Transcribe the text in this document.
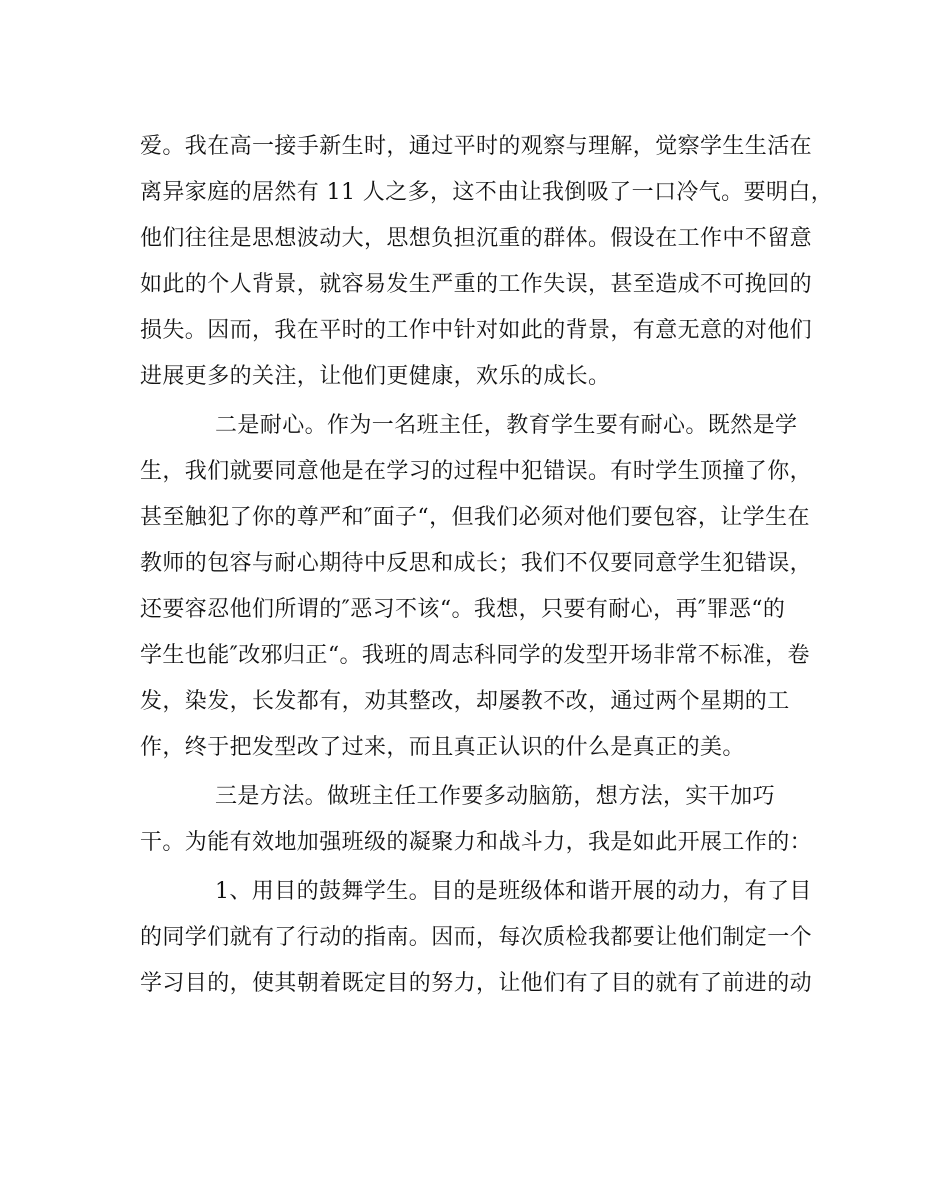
爱。我在高一接手新生时，通过平时的观察与理解，觉察学生生活在
离异家庭的居然有 11 人之多，这不由让我倒吸了一口冷气。要明白，
他们往往是思想波动大，思想负担沉重的群体。假设在工作中不留意
如此的个人背景，就容易发生严重的工作失误，甚至造成不可挽回的
损失。因而，我在平时的工作中针对如此的背景，有意无意的对他们
进展更多的关注，让他们更健康，欢乐的成长。
二是耐心。作为一名班主任，教育学生要有耐心。既然是学
生，我们就要同意他是在学习的过程中犯错误。有时学生顶撞了你，
甚至触犯了你的尊严和″面子“，但我们必须对他们要包容，让学生在
教师的包容与耐心期待中反思和成长；我们不仅要同意学生犯错误，
还要容忍他们所谓的″恶习不该“。我想，只要有耐心，再″罪恶“的
学生也能″改邪归正“。我班的周志科同学的发型开场非常不标准，卷
发，染发，长发都有，劝其整改，却屡教不改，通过两个星期的工
作，终于把发型改了过来，而且真正认识的什么是真正的美。
三是方法。做班主任工作要多动脑筋，想方法，实干加巧
干。为能有效地加强班级的凝聚力和战斗力，我是如此开展工作的：
1、用目的鼓舞学生。目的是班级体和谐开展的动力，有了目
的同学们就有了行动的指南。因而，每次质检我都要让他们制定一个
学习目的，使其朝着既定目的努力，让他们有了目的就有了前进的动
